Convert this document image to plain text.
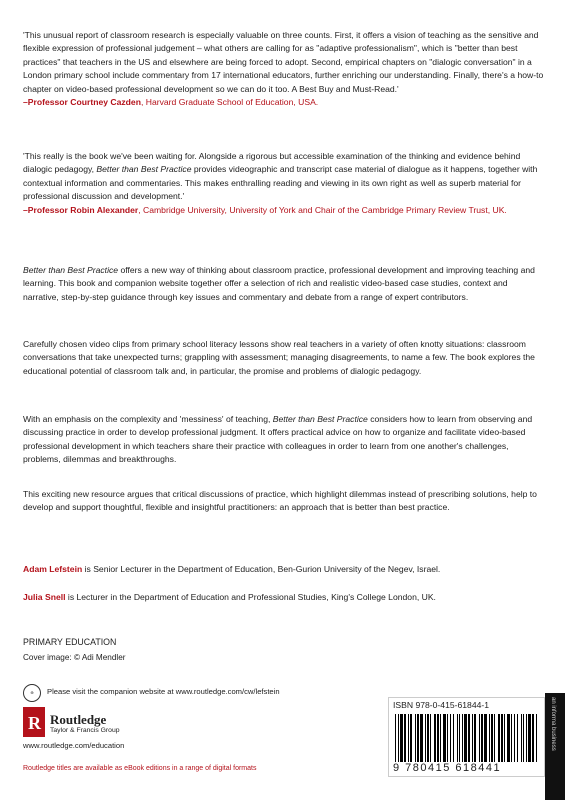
'This unusual report of classroom research is especially valuable on three counts. First, it offers a vision of teaching as the sensitive and flexible expression of professional judgement – what others are calling for as "adaptive professionalism", which is "better than best practices" that teachers in the US and elsewhere are being forced to adopt. Second, empirical chapters on "dialogic conversation" in a London primary school include commentary from 17 international educators, further enriching our understanding. Finally, there's a how-to chapter on video-based professional development so we can do it too. A Best Buy and Must-Read.'
–Professor Courtney Cazden, Harvard Graduate School of Education, USA.

'This really is the book we've been waiting for. Alongside a rigorous but accessible examination of the thinking and evidence behind dialogic pedagogy, Better than Best Practice provides videographic and transcript case material of dialogue as it happens, together with contextual information and commentaries. This makes enthralling reading and viewing in its own right as well as superb material for professional discussion and development.'
–Professor Robin Alexander, Cambridge University, University of York and Chair of the Cambridge Primary Review Trust, UK.

Better than Best Practice offers a new way of thinking about classroom practice, professional development and improving teaching and learning. This book and companion website together offer a selection of rich and realistic video-based case studies, context and narrative, step-by-step guidance through key issues and commentary and debate from a range of expert contributors.

Carefully chosen video clips from primary school literacy lessons show real teachers in a variety of often knotty situations: classroom conversations that take unexpected turns; grappling with assessment; managing disagreements, to name a few. The book explores the educational potential of classroom talk and, in particular, the promise and problems of dialogic pedagogy.

With an emphasis on the complexity and 'messiness' of teaching, Better than Best Practice considers how to learn from observing and discussing practice in order to develop professional judgment. It offers practical advice on how to organize and facilitate video-based professional development in which teachers share their practice with colleagues in order to learn from one another's challenges, problems, dilemmas and breakthroughs.

This exciting new resource argues that critical discussions of practice, which highlight dilemmas instead of prescribing solutions, help to develop and support thoughtful, flexible and insightful practitioners: an approach that is better than best practice.

Adam Lefstein is Senior Lecturer in the Department of Education, Ben-Gurion University of the Negev, Israel.

Julia Snell is Lecturer in the Department of Education and Professional Studies, King's College London, UK.

PRIMARY EDUCATION
Cover image: © Adi Mendler
⊕	Please visit the companion website at www.routledge.com/cw/lefstein
R Routledge
Taylor & Francis Group
www.routledge.com/education
Routledge titles are available as eBook editions in a range of digital formats
ISBN 978-0-415-61844-1
9 780415 618441
an informa business
